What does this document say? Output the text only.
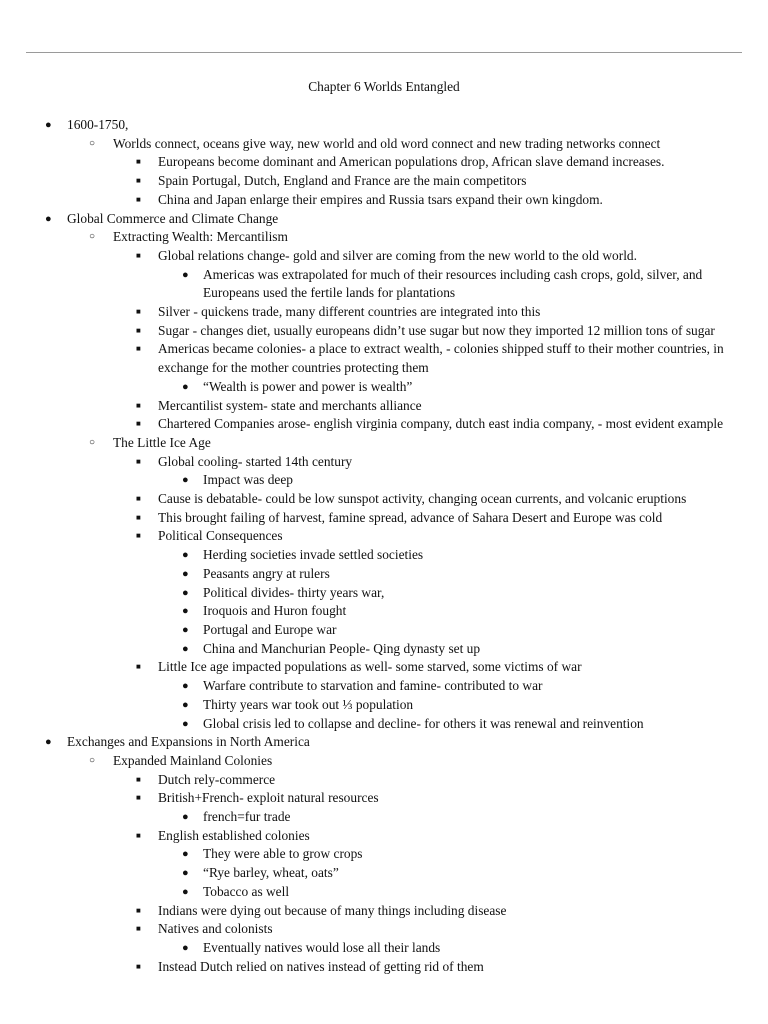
Chapter 6 Worlds Entangled
● 1600-1750,
○ Worlds connect, oceans give way, new world and old word connect and new trading networks connect
■ Europeans become dominant and American populations drop, African slave demand increases.
■ Spain Portugal, Dutch, England and France are the main competitors
■ China and Japan enlarge their empires and Russia tsars expand their own kingdom.
● Global Commerce and Climate Change
○ Extracting Wealth: Mercantilism
■ Global relations change- gold and silver are coming from the new world to the old world.
● Americas was extrapolated for much of their resources including cash crops, gold, silver, and Europeans used the fertile lands for plantations
■ Silver - quickens trade, many different countries are integrated into this
■ Sugar - changes diet, usually europeans didn’t use sugar but now they imported 12 million tons of sugar
■ Americas became colonies- a place to extract wealth, - colonies shipped stuff to their mother countries, in exchange for the mother countries protecting them
● “Wealth is power and power is wealth”
■ Mercantilist system- state and merchants alliance
■ Chartered Companies arose- english virginia company, dutch east india company, - most evident example
○ The Little Ice Age
■ Global cooling- started 14th century
● Impact was deep
■ Cause is debatable- could be low sunspot activity, changing ocean currents, and volcanic eruptions
■ This brought failing of harvest, famine spread, advance of Sahara Desert and Europe was cold
■ Political Consequences
● Herding societies invade settled societies
● Peasants angry at rulers
● Political divides- thirty years war,
● Iroquois and Huron fought
● Portugal and Europe war
● China and Manchurian People- Qing dynasty set up
■ Little Ice age impacted populations as well- some starved, some victims of war
● Warfare contribute to starvation and famine- contributed to war
● Thirty years war took out ⅓ population
● Global crisis led to collapse and decline- for others it was renewal and reinvention
● Exchanges and Expansions in North America
○ Expanded Mainland Colonies
■ Dutch rely-commerce
■ British+French- exploit natural resources
● french=fur trade
■ English established colonies
● They were able to grow crops
● “Rye barley, wheat, oats”
● Tobacco as well
■ Indians were dying out because of many things including disease
■ Natives and colonists
● Eventually natives would lose all their lands
■ Instead Dutch relied on natives instead of getting rid of them
